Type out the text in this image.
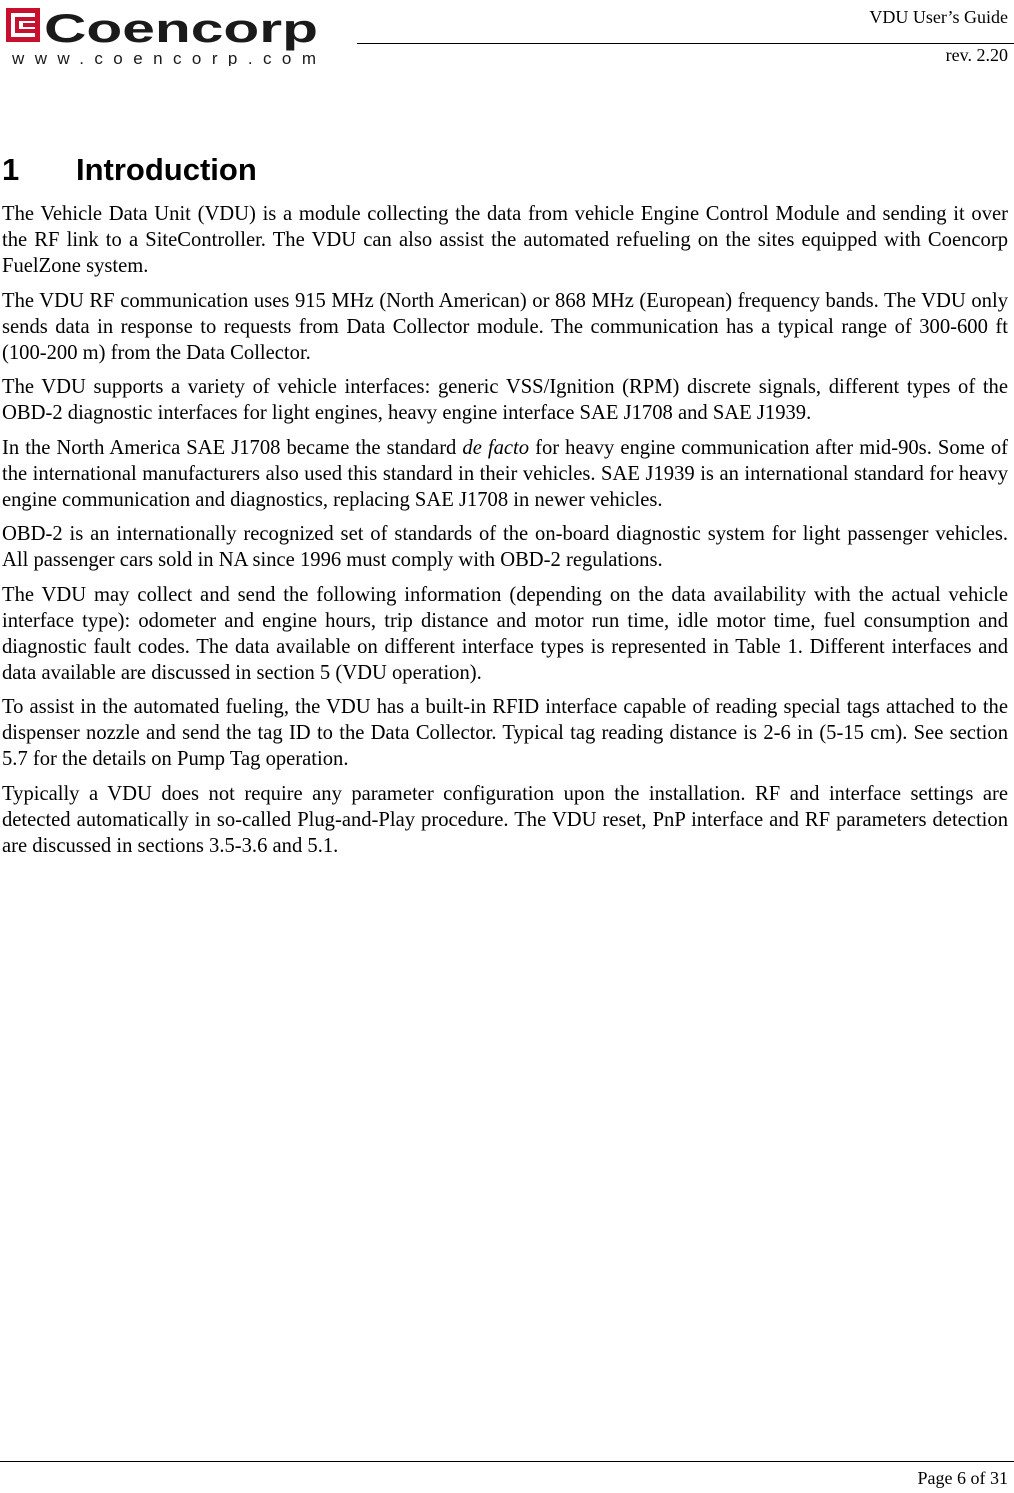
Coencorp
www.coencorp.com
VDU User’s Guide
rev. 2.20
1 Introduction

The Vehicle Data Unit (VDU) is a module collecting the data from vehicle Engine Control Module and sending it over the RF link to a SiteController. The VDU can also assist the automated refueling on the sites equipped with Coencorp FuelZone system.

The VDU RF communication uses 915 MHz (North American) or 868 MHz (European) frequency bands. The VDU only sends data in response to requests from Data Collector module. The communication has a typical range of 300-600 ft (100-200 m) from the Data Collector.

The VDU supports a variety of vehicle interfaces: generic VSS/Ignition (RPM) discrete signals, different types of the OBD-2 diagnostic interfaces for light engines, heavy engine interface SAE J1708 and SAE J1939.

In the North America SAE J1708 became the standard de facto for heavy engine communication after mid-90s. Some of the international manufacturers also used this standard in their vehicles. SAE J1939 is an international standard for heavy engine communication and diagnostics, replacing SAE J1708 in newer vehicles.

OBD-2 is an internationally recognized set of standards of the on-board diagnostic system for light passenger vehicles. All passenger cars sold in NA since 1996 must comply with OBD-2 regulations.

The VDU may collect and send the following information (depending on the data availability with the actual vehicle interface type): odometer and engine hours, trip distance and motor run time, idle motor time, fuel consumption and diagnostic fault codes. The data available on different interface types is represented in Table 1. Different interfaces and data available are discussed in section 5 (VDU operation).

To assist in the automated fueling, the VDU has a built-in RFID interface capable of reading special tags attached to the dispenser nozzle and send the tag ID to the Data Collector. Typical tag reading distance is 2-6 in (5-15 cm). See section 5.7 for the details on Pump Tag operation.

Typically a VDU does not require any parameter configuration upon the installation. RF and interface settings are detected automatically in so-called Plug-and-Play procedure. The VDU reset, PnP interface and RF parameters detection are discussed in sections 3.5-3.6 and 5.1.

Page 6 of 31
